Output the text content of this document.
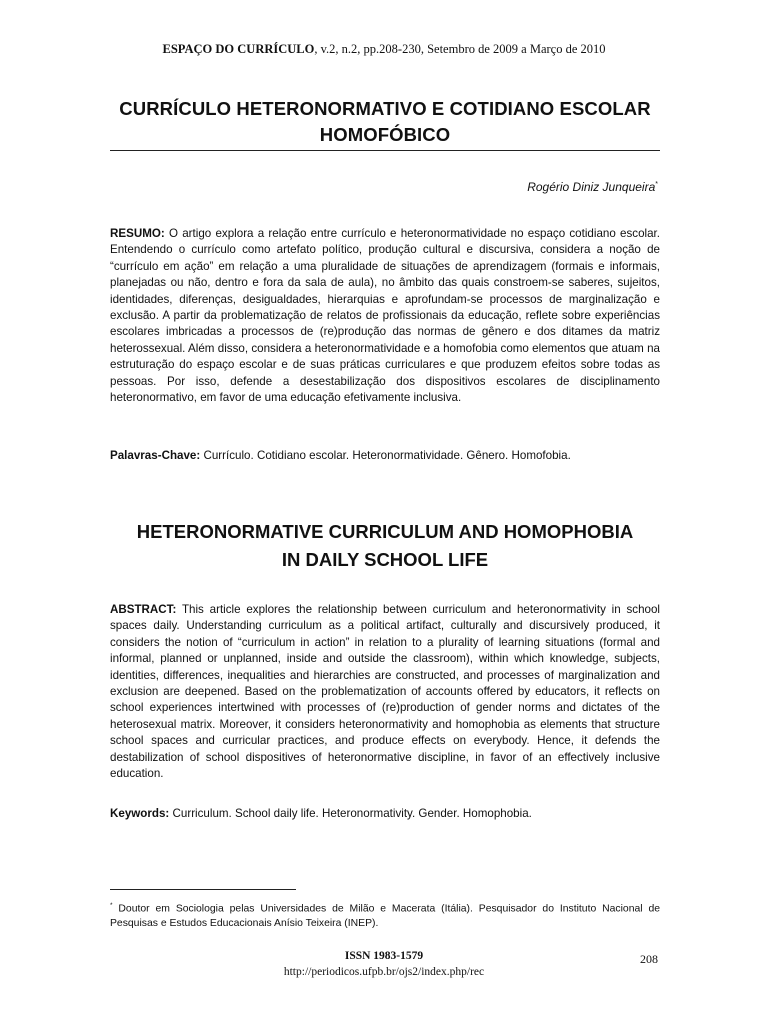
ESPAÇO DO CURRÍCULO, v.2, n.2, pp.208-230, Setembro de 2009 a Março de 2010
CURRÍCULO HETERONORMATIVO E COTIDIANO ESCOLAR
HOMOFÓBICO
Rogério Diniz Junqueira*
RESUMO: O artigo explora a relação entre currículo e heteronormatividade no espaço cotidiano escolar. Entendendo o currículo como artefato político, produção cultural e discursiva, considera a noção de “currículo em ação” em relação a uma pluralidade de situações de aprendizagem (formais e informais, planejadas ou não, dentro e fora da sala de aula), no âmbito das quais constroem-se saberes, sujeitos, identidades, diferenças, desigualdades, hierarquias e aprofundam-se processos de marginalização e exclusão. A partir da problematização de relatos de profissionais da educação, reflete sobre experiências escolares imbricadas a processos de (re)produção das normas de gênero e dos ditames da matriz heterossexual. Além disso, considera a heteronormatividade e a homofobia como elementos que atuam na estruturação do espaço escolar e de suas práticas curriculares e que produzem efeitos sobre todas as pessoas. Por isso, defende a desestabilização dos dispositivos escolares de disciplinamento heteronormativo, em favor de uma educação efetivamente inclusiva.
Palavras-Chave: Currículo. Cotidiano escolar. Heteronormatividade. Gênero. Homofobia.
HETERONORMATIVE CURRICULUM AND HOMOPHOBIA
IN DAILY SCHOOL LIFE
ABSTRACT: This article explores the relationship between curriculum and heteronormativity in school spaces daily. Understanding curriculum as a political artifact, culturally and discursively produced, it considers the notion of “curriculum in action” in relation to a plurality of learning situations (formal and informal, planned or unplanned, inside and outside the classroom), within which knowledge, subjects, identities, differences, inequalities and hierarchies are constructed, and processes of marginalization and exclusion are deepened. Based on the problematization of accounts offered by educators, it reflects on school experiences intertwined with processes of (re)production of gender norms and dictates of the heterosexual matrix. Moreover, it considers heteronormativity and homophobia as elements that structure school spaces and curricular practices, and produce effects on everybody. Hence, it defends the destabilization of school dispositives of heteronormative discipline, in favor of an effectively inclusive education.
Keywords: Curriculum. School daily life. Heteronormativity. Gender. Homophobia.
* Doutor em Sociologia pelas Universidades de Milão e Macerata (Itália). Pesquisador do Instituto Nacional de Pesquisas e Estudos Educacionais Anísio Teixeira (INEP).
ISSN 1983-1579
http://periodicos.ufpb.br/ojs2/index.php/rec
208
